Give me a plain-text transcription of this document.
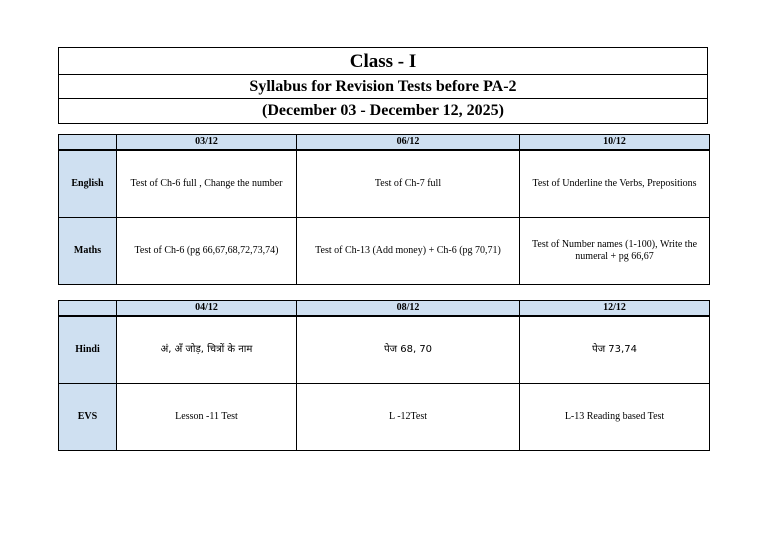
Class - I
Syllabus for Revision Tests before PA-2
(December 03 - December 12, 2025)
	03/12	06/12	10/12
English	Test of Ch-6 full , Change the number	Test of Ch-7 full	Test of Underline the Verbs, Prepositions
Maths	Test of Ch-6 (pg 66,67,68,72,73,74)	Test of Ch-13 (Add money) + Ch-6 (pg 70,71)	Test of Number names (1-100), Write the numeral + pg 66,67
	04/12	08/12	12/12
Hindi	अं, अँ जोड़, चित्रों के नाम	पेज 68, 70	पेज 73,74
EVS	Lesson -11 Test	L -12Test	L-13 Reading based Test
